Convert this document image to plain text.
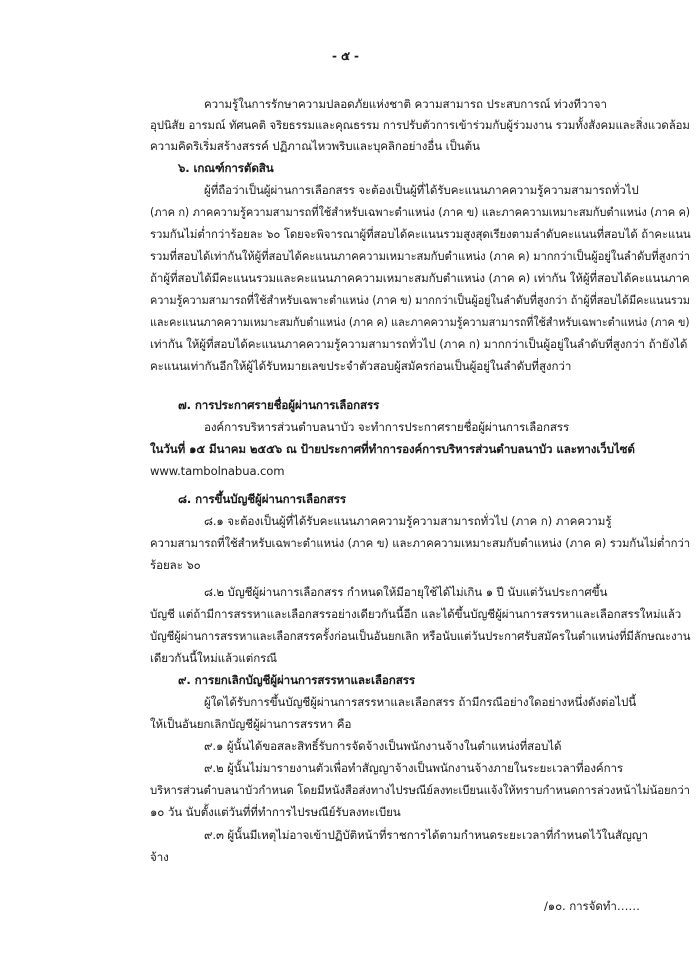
- ๕ -
ความรู้ในการรักษาความปลอดภัยแห่งชาติ ความสามารถ ประสบการณ์ ท่วงทีวาจา
อุปนิสัย อารมณ์ ทัศนคติ จริยธรรมและคุณธรรม การปรับตัวการเข้าร่วมกับผู้ร่วมงาน รวมทั้งสังคมและสิ่งแวดล้อม
ความคิดริเริ่มสร้างสรรค์ ปฏิภาณไหวพริบและบุคลิกอย่างอื่น เป็นต้น
๖. เกณฑ์การตัดสิน
ผู้ที่ถือว่าเป็นผู้ผ่านการเลือกสรร จะต้องเป็นผู้ที่ได้รับคะแนนภาคความรู้ความสามารถทั่วไป
(ภาค ก) ภาคความรู้ความสามารถที่ใช้สำหรับเฉพาะตำแหน่ง (ภาค ข) และภาคความเหมาะสมกับตำแหน่ง (ภาค ค)
รวมกันไม่ต่ำกว่าร้อยละ ๖๐ โดยจะพิจารณาผู้ที่สอบได้คะแนนรวมสูงสุดเรียงตามลำดับคะแนนที่สอบได้ ถ้าคะแนน
รวมที่สอบได้เท่ากันให้ผู้ที่สอบได้คะแนนภาคความเหมาะสมกับตำแหน่ง (ภาค ค) มากกว่าเป็นผู้อยู่ในลำดับที่สูงกว่า
ถ้าผู้ที่สอบได้มีคะแนนรวมและคะแนนภาคความเหมาะสมกับตำแหน่ง (ภาค ค) เท่ากัน ให้ผู้ที่สอบได้คะแนนภาค
ความรู้ความสามารถที่ใช้สำหรับเฉพาะตำแหน่ง (ภาค ข) มากกว่าเป็นผู้อยู่ในลำดับที่สูงกว่า ถ้าผู้ที่สอบได้มีคะแนนรวม
และคะแนนภาคความเหมาะสมกับตำแหน่ง (ภาค ค) และภาคความรู้ความสามารถที่ใช้สำหรับเฉพาะตำแหน่ง (ภาค ข)
เท่ากัน ให้ผู้ที่สอบได้คะแนนภาคความรู้ความสามารถทั่วไป (ภาค ก) มากกว่าเป็นผู้อยู่ในลำดับที่สูงกว่า ถ้ายังได้
คะแนนเท่ากันอีกให้ผู้ได้รับหมายเลขประจำตัวสอบผู้สมัครก่อนเป็นผู้อยู่ในลำดับที่สูงกว่า
๗. การประกาศรายชื่อผู้ผ่านการเลือกสรร
องค์การบริหารส่วนตำบลนาบัว จะทำการประกาศรายชื่อผู้ผ่านการเลือกสรร
ในวันที่ ๑๕ มีนาคม ๒๕๕๖ ณ ป้ายประกาศที่ทำการองค์การบริหารส่วนตำบลนาบัว และทางเว็บไซต์
www.tambolnabua.com
๘. การขึ้นบัญชีผู้ผ่านการเลือกสรร
๘.๑ จะต้องเป็นผู้ที่ได้รับคะแนนภาคความรู้ความสามารถทั่วไป (ภาค ก) ภาคความรู้
ความสามารถที่ใช้สำหรับเฉพาะตำแหน่ง (ภาค ข) และภาคความเหมาะสมกับตำแหน่ง (ภาค ค) รวมกันไม่ต่ำกว่า
ร้อยละ ๖๐
๘.๒ บัญชีผู้ผ่านการเลือกสรร กำหนดให้มีอายุใช้ได้ไม่เกิน ๑ ปี นับแต่วันประกาศขึ้น
บัญชี แต่ถ้ามีการสรรหาและเลือกสรรอย่างเดียวกันนี้อีก และได้ขึ้นบัญชีผู้ผ่านการสรรหาและเลือกสรรใหม่แล้ว
บัญชีผู้ผ่านการสรรหาและเลือกสรรครั้งก่อนเป็นอันยกเลิก หรือนับแต่วันประกาศรับสมัครในตำแหน่งที่มีลักษณะงาน
เดียวกันนี้ใหม่แล้วแต่กรณี
๙. การยกเลิกบัญชีผู้ผ่านการสรรหาและเลือกสรร
ผู้ใดได้รับการขึ้นบัญชีผู้ผ่านการสรรหาและเลือกสรร ถ้ามีกรณีอย่างใดอย่างหนึ่งดังต่อไปนี้
ให้เป็นอันยกเลิกบัญชีผู้ผ่านการสรรหา คือ
๙.๑ ผู้นั้นได้ขอสละสิทธิ์รับการจัดจ้างเป็นพนักงานจ้างในตำแหน่งที่สอบได้
๙.๒ ผู้นั้นไม่มารายงานตัวเพื่อทำสัญญาจ้างเป็นพนักงานจ้างภายในระยะเวลาที่องค์การ
บริหารส่วนตำบลนาบัวกำหนด โดยมีหนังสือส่งทางไปรษณีย์ลงทะเบียนแจ้งให้ทราบกำหนดการล่วงหน้าไม่น้อยกว่า
๑๐ วัน นับตั้งแต่วันที่ที่ทำการไปรษณีย์รับลงทะเบียน
๙.๓ ผู้นั้นมีเหตุไม่อาจเข้าปฏิบัติหน้าที่ราชการได้ตามกำหนดระยะเวลาที่กำหนดไว้ในสัญญา
จ้าง
/๑๐. การจัดทำ……
